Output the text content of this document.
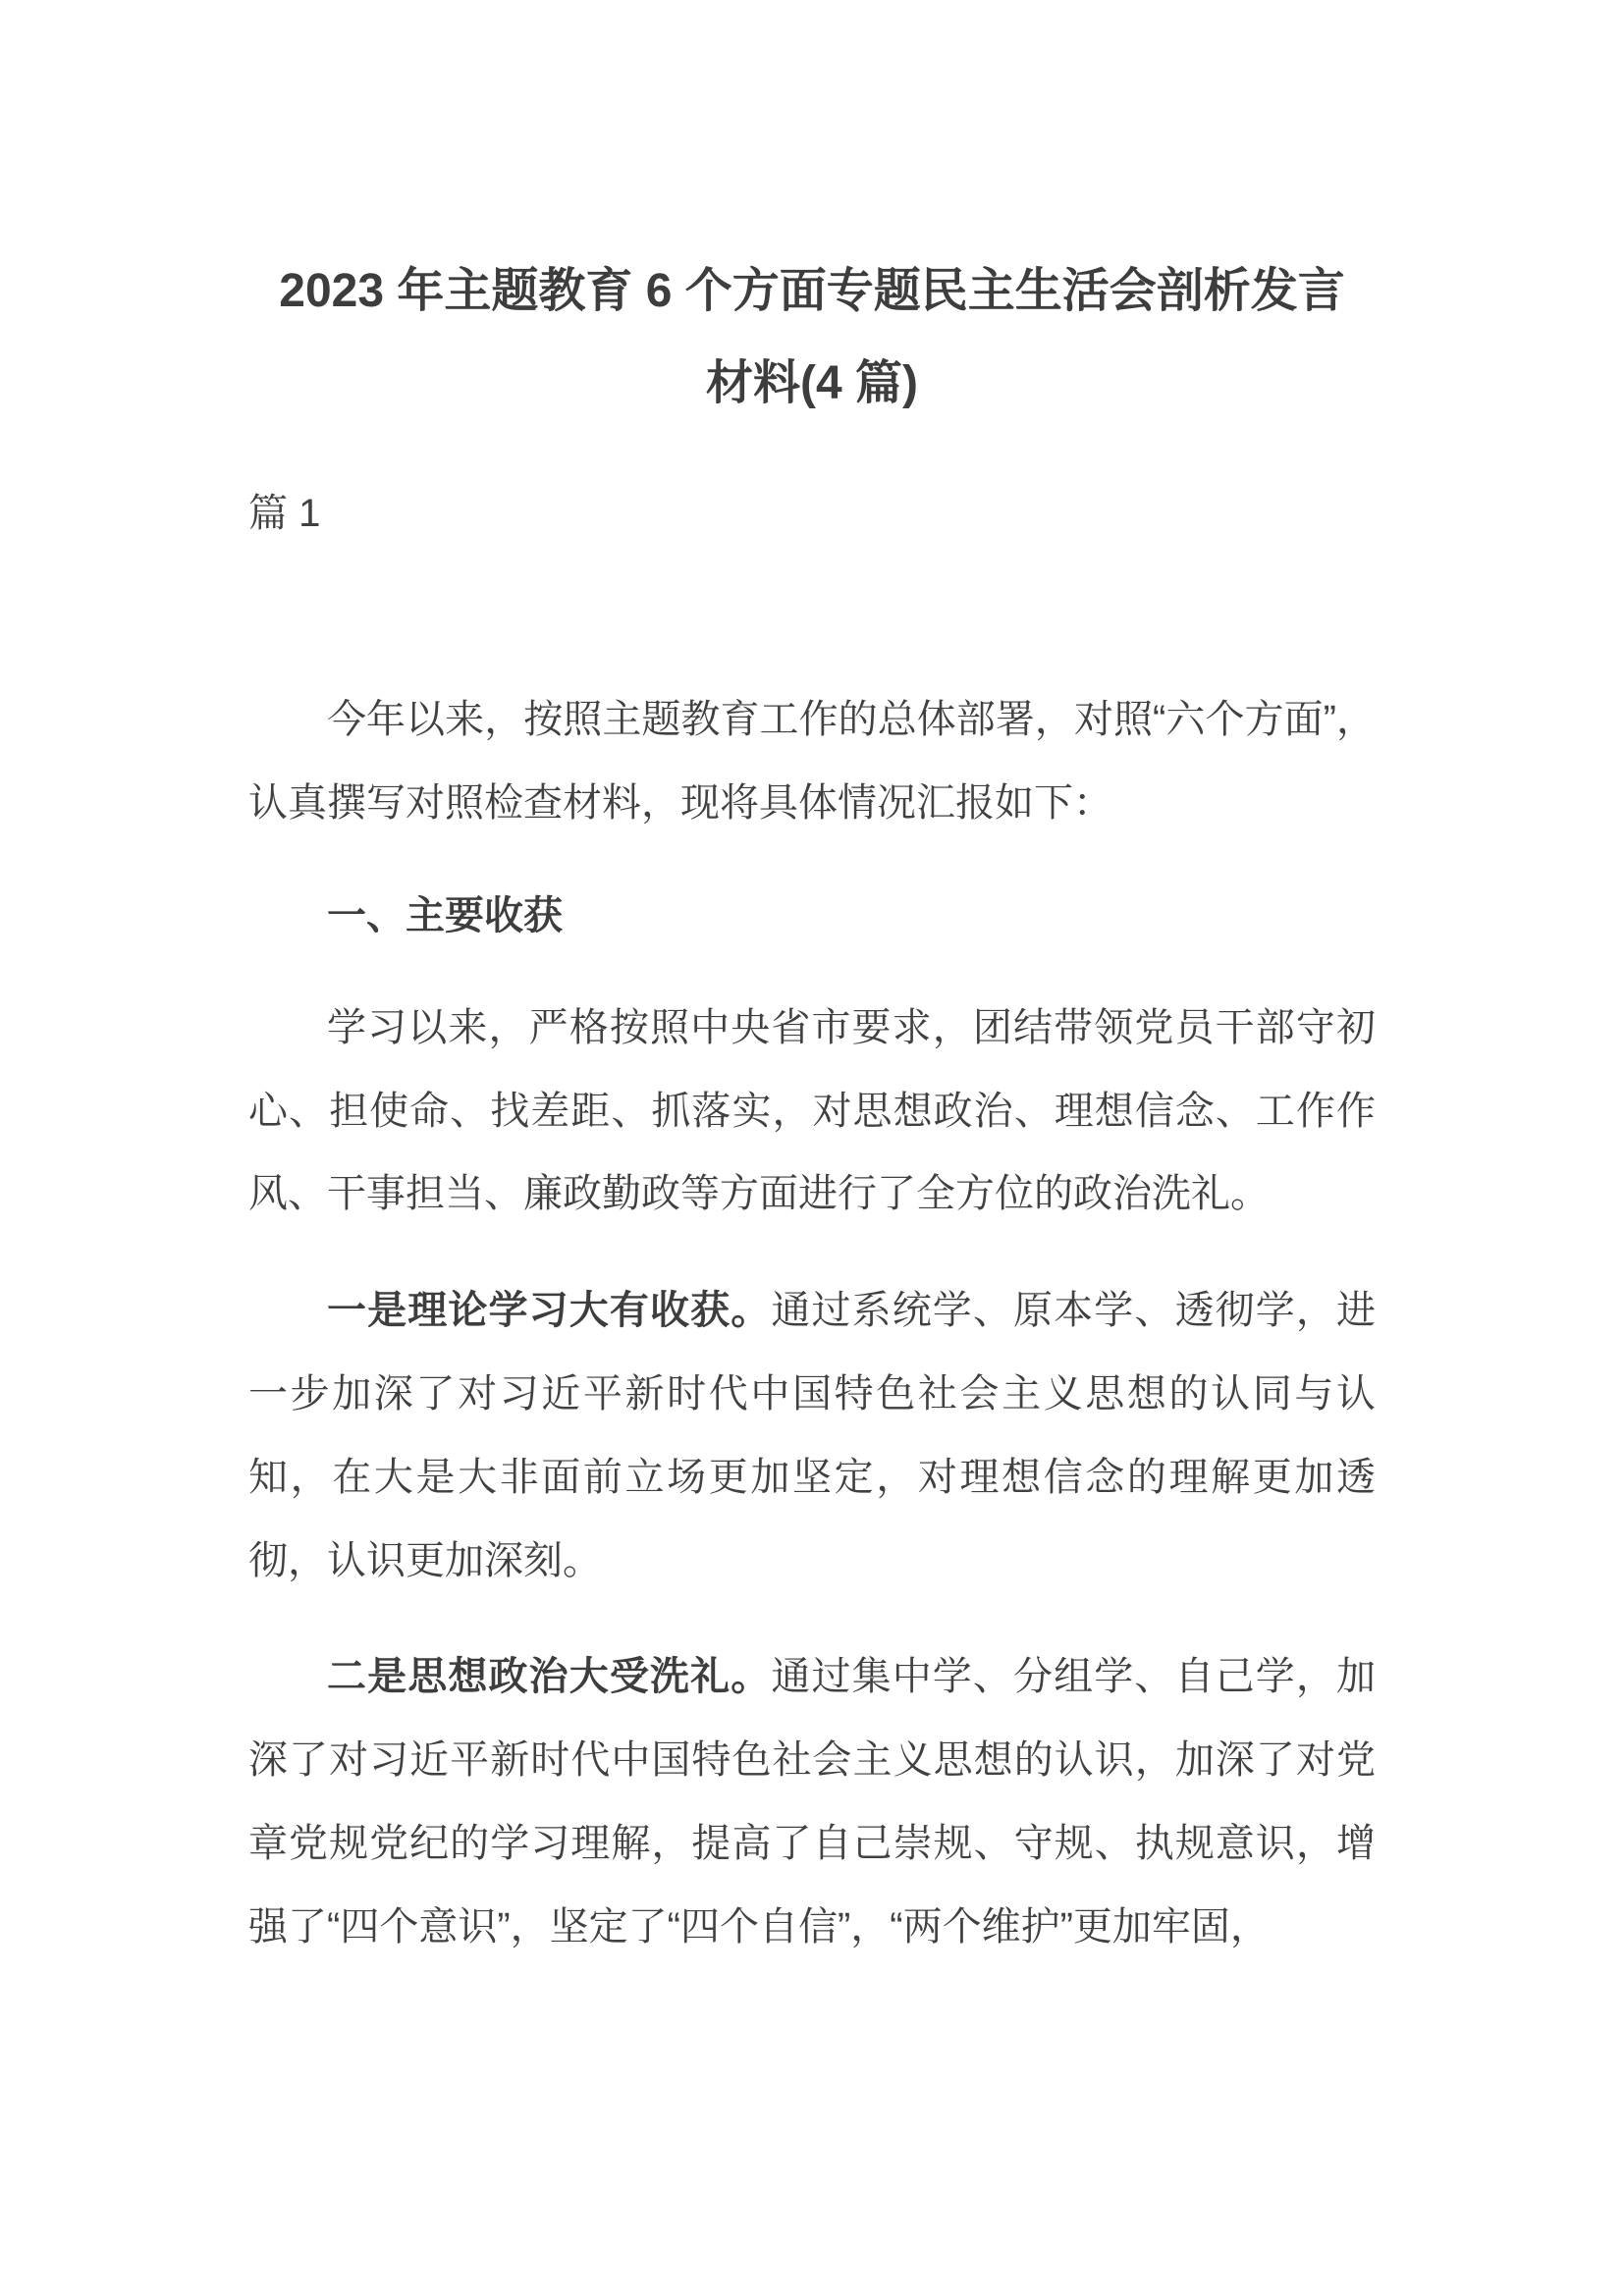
2023 年主题教育 6 个方面专题民主生活会剖析发言
材料(4 篇)

篇 1

今年以来，按照主题教育工作的总体部署，对照“六个方面”，认真撰写对照检查材料，现将具体情况汇报如下：

一、主要收获

学习以来，严格按照中央省市要求，团结带领党员干部守初心、担使命、找差距、抓落实，对思想政治、理想信念、工作作风、干事担当、廉政勤政等方面进行了全方位的政治洗礼。

一是理论学习大有收获。通过系统学、原本学、透彻学，进一步加深了对习近平新时代中国特色社会主义思想的认同与认知，在大是大非面前立场更加坚定，对理想信念的理解更加透彻，认识更加深刻。

二是思想政治大受洗礼。通过集中学、分组学、自己学，加深了对习近平新时代中国特色社会主义思想的认识，加深了对党章党规党纪的学习理解，提高了自己崇规、守规、执规意识，增强了“四个意识”，坚定了“四个自信”，“两个维护”更加牢固，
